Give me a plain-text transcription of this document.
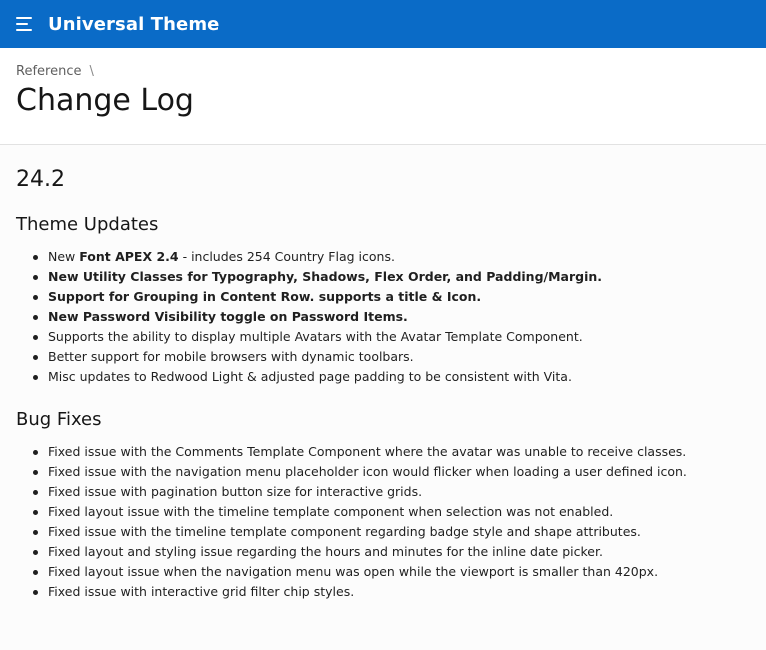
Universal Theme
Reference \
Change Log
24.2
Theme Updates
New Font APEX 2.4 - includes 254 Country Flag icons.
New Utility Classes for Typography, Shadows, Flex Order, and Padding/Margin.
Support for Grouping in Content Row. supports a title & Icon.
New Password Visibility toggle on Password Items.
Supports the ability to display multiple Avatars with the Avatar Template Component.
Better support for mobile browsers with dynamic toolbars.
Misc updates to Redwood Light & adjusted page padding to be consistent with Vita.
Bug Fixes
Fixed issue with the Comments Template Component where the avatar was unable to receive classes.
Fixed issue with the navigation menu placeholder icon would flicker when loading a user defined icon.
Fixed issue with pagination button size for interactive grids.
Fixed layout issue with the timeline template component when selection was not enabled.
Fixed issue with the timeline template component regarding badge style and shape attributes.
Fixed layout and styling issue regarding the hours and minutes for the inline date picker.
Fixed layout issue when the navigation menu was open while the viewport is smaller than 420px.
Fixed issue with interactive grid filter chip styles.
